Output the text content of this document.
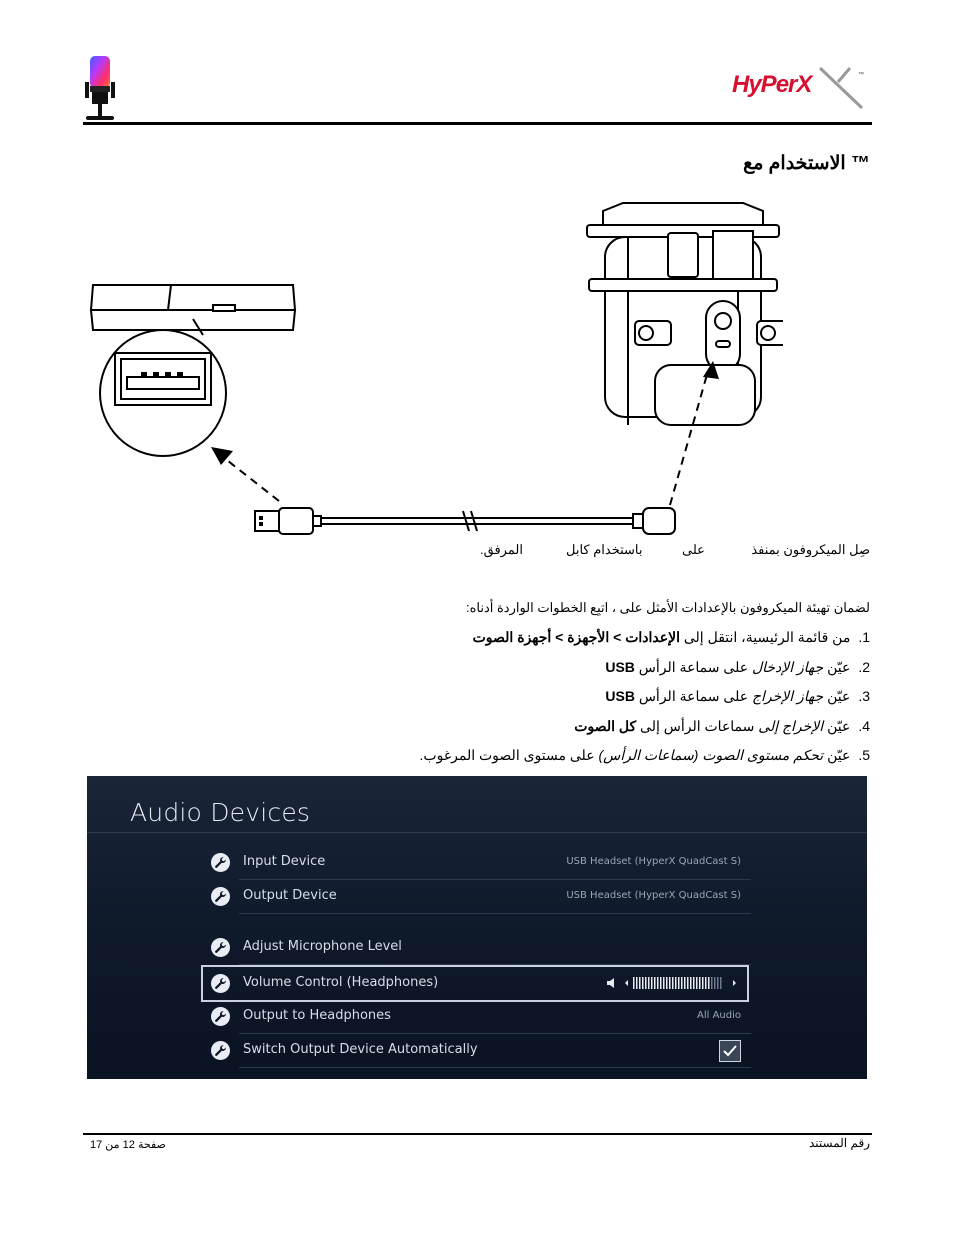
HyPerX	™
™ الاستخدام مع
صِل الميكروفون بمنفذ
على
باستخدام كابل
المرفق.
لضمان تهيئة الميكروفون بالإعدادات الأمثل على ، اتبِع الخطوات الواردة أدناه:
1.من قائمة الرئيسية، انتقل إلى الإعدادات > الأجهزة > أجهزة الصوت
2.عيّن جهاز الإدخال على سماعة الرأس USB
3.عيّن جهاز الإخراج على سماعة الرأس USB
4.عيّن الإخراج إلى سماعات الرأس إلى كل الصوت
5.عيّن تحكم مستوى الصوت (سماعات الرأس) على مستوى الصوت المرغوب.
Audio Devices
Input Device	USB Headset (HyperX QuadCast S)
Output Device	USB Headset (HyperX QuadCast S)
Adjust Microphone Level
Volume Control (Headphones)
Output to Headphones	All Audio
Switch Output Device Automatically
صفحة 12 من 17	رقم المستند
